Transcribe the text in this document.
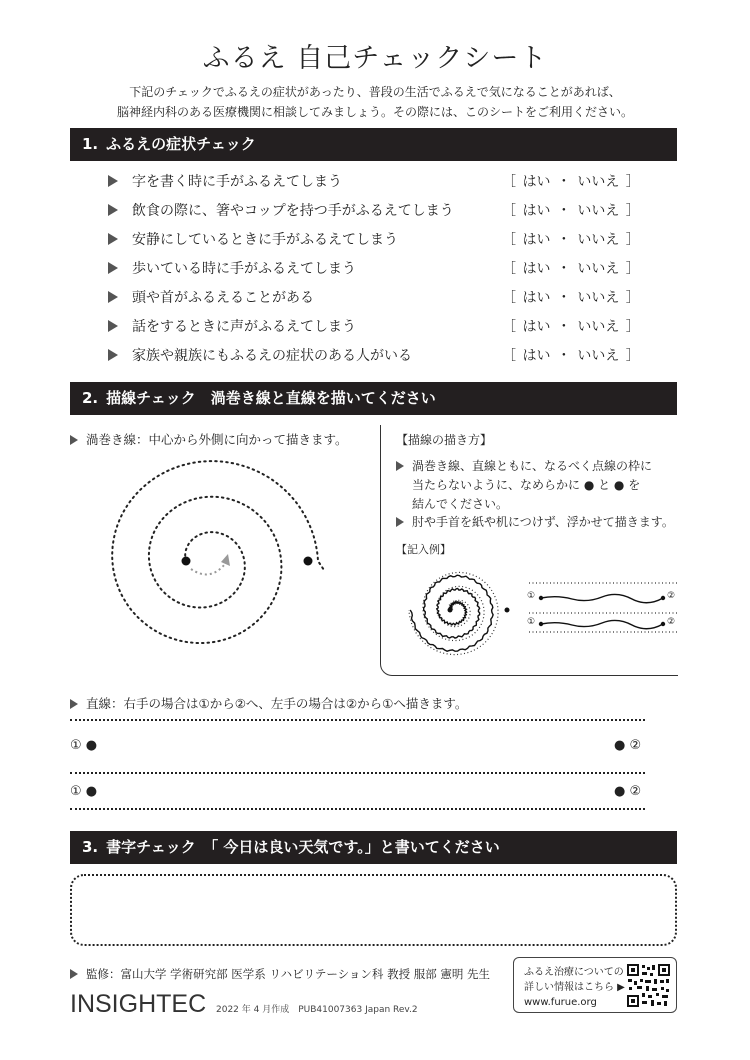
ふるえ 自己チェックシート
下記のチェックでふるえの症状があったり、普段の生活でふるえで気になることがあれば、
脳神経内科のある医療機関に相談してみましょう。その際には、このシートをご利用ください。
1. ふるえの症状チェック
字を書く時に手がふるえてしまう	［ はい ・ いいえ ］
飲食の際に、箸やコップを持つ手がふるえてしまう	［ はい ・ いいえ ］
安静にしているときに手がふるえてしまう	［ はい ・ いいえ ］
歩いている時に手がふるえてしまう	［ はい ・ いいえ ］
頭や首がふるえることがある	［ はい ・ いいえ ］
話をするときに声がふるえてしまう	［ はい ・ いいえ ］
家族や親族にもふるえの症状のある人がいる	［ はい ・ いいえ ］
2. 描線チェック　渦巻き線と直線を描いてください
渦巻き線：中心から外側に向かって描きます。	【描線の描き方】
渦巻き線、直線ともに、なるべく点線の枠に
当たらないように、なめらかに ● と ● を
結んでください。
肘や手首を紙や机につけず、浮かせて描きます。
【記入例】
①	②
①	②
直線：右手の場合は①から②へ、左手の場合は②から①へ描きます。
① ●	● ②
① ●	● ②
3. 書字チェック　「 今日は良い天気です。」と書いてください
監修：富山大学 学術研究部 医学系 リハビリテーション科 教授 服部 憲明 先生
INSIGHTEC 2022 年 4 月作成　PUB41007363 Japan Rev.2
ふるえ治療についての
詳しい情報はこちら ▶
www.furue.org
